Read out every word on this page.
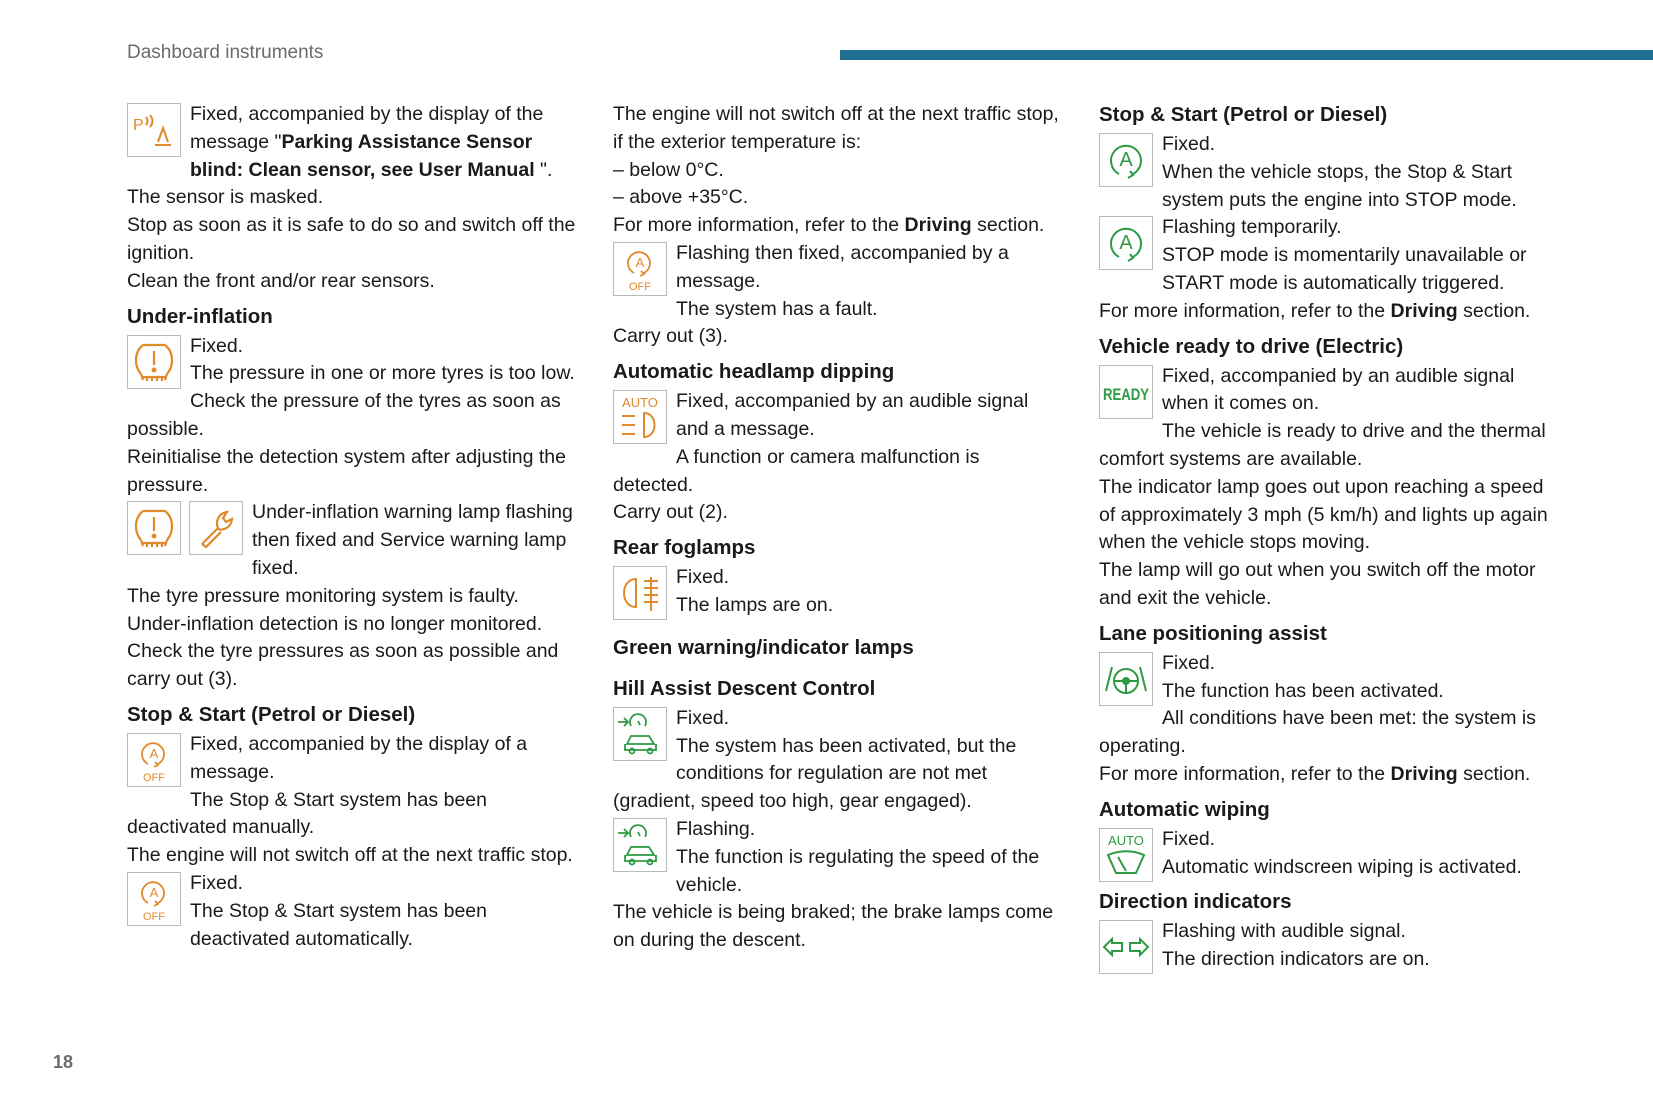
Dashboard instruments
P

Fixed, accompanied by the display of the message "Parking Assistance Sensor blind: Clean sensor, see User Manual ".

The sensor is masked.

Stop as soon as it is safe to do so and switch off the ignition.

Clean the front and/or rear sensors.

Under-inflation

Fixed.

The pressure in one or more tyres is too low.

Check the pressure of the tyres as soon as possible.

Reinitialise the detection system after adjusting the pressure.

Under-inflation warning lamp flashing then fixed and Service warning lamp fixed.

The tyre pressure monitoring system is faulty.

Under-inflation detection is no longer monitored.

Check the tyre pressures as soon as possible and carry out (3).

Stop & Start (Petrol or Diesel)
A
OFF

Fixed, accompanied by the display of a message.

The Stop & Start system has been deactivated manually.

The engine will not switch off at the next traffic stop.

A
OFF

Fixed.

The Stop & Start system has been deactivated automatically.

The engine will not switch off at the next traffic stop, if the exterior temperature is:

– below 0°C.

– above +35°C.

For more information, refer to the Driving section.

A
OFF

Flashing then fixed, accompanied by a message.

The system has a fault.

Carry out (3).

Automatic headlamp dipping
AUTO Fixed, accompanied by an audible signal and a message.

A function or camera malfunction is detected.

Carry out (2).

Rear foglamps

Fixed.

The lamps are on.

Green warning/indicator lamps
Hill Assist Descent Control

Fixed.

The system has been activated, but the conditions for regulation are not met (gradient, speed too high, gear engaged).

Flashing.

The function is regulating the speed of the vehicle.

The vehicle is being braked; the brake lamps come on during the descent.

Stop & Start (Petrol or Diesel)
A

Fixed.

When the vehicle stops, the Stop & Start system puts the engine into STOP mode.

A

Flashing temporarily.

STOP mode is momentarily unavailable or START mode is automatically triggered.

For more information, refer to the Driving section.

Vehicle ready to drive (Electric)
READY

Fixed, accompanied by an audible signal when it comes on.

The vehicle is ready to drive and the thermal comfort systems are available.

The indicator lamp goes out upon reaching a speed of approximately 3 mph (5 km/h) and lights up again when the vehicle stops moving.

The lamp will go out when you switch off the motor and exit the vehicle.

Lane positioning assist

Fixed.

The function has been activated.

All conditions have been met: the system is operating.

For more information, refer to the Driving section.

Automatic wiping
AUTO Fixed.

Automatic windscreen wiping is activated.

Direction indicators

Flashing with audible signal.

The direction indicators are on.

18
